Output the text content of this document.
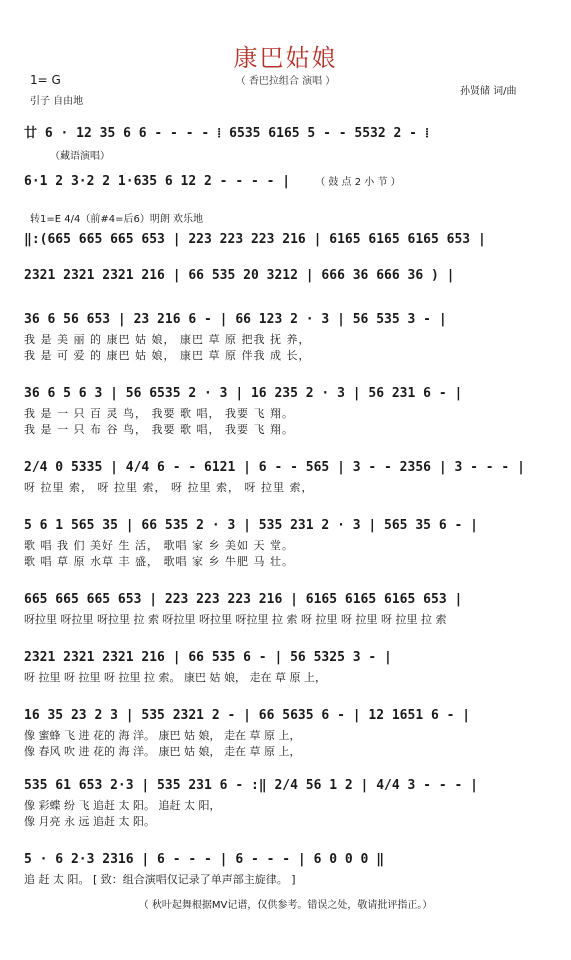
康巴姑娘
（ 香巴拉组合 演唱 ）
1= G
引子 自由地
孙贤储 词/曲
廿 6 · 12 35 6 6 - - - - ⁞ 6535 6165 5 - - 5532 2 - ⁞
（藏语演唱）
6·1 2 3·2 2 1·635 6 12 2 - - - - |	（ 鼓 点 2 小 节 ）
转1=E 4/4（前#4=后6）明朗 欢乐地
‖:(665 665 665 653 | 223 223 223 216 | 6165 6165 6165 653 |
2321 2321 2321 216 | 66 535 20 3212 | 666 36 666 36 ) |
36 6 56 653 | 23 216 6 - | 66 123 2 · 3 | 56 535 3 - |
我 是 美 丽 的 康巴 姑 娘， 康巴 草 原 把我 抚 养，
我 是 可 爱 的 康巴 姑 娘， 康巴 草 原 伴我 成 长，
36 6 5 6 3 | 56 6535 2 · 3 | 16 235 2 · 3 | 56 231 6 - |
我 是 一 只 百 灵 鸟， 我要 歌 唱， 我要 飞 翔。
我 是 一 只 布 谷 鸟， 我要 歌 唱， 我要 飞 翔。
2/4 0 5335 | 4/4 6 - - 6121 | 6 - - 565 | 3 - - 2356 | 3 - - - |
呀 拉里 索， 呀 拉里 索， 呀 拉里 索， 呀 拉里 索，
5 6 1 565 35 | 66 535 2 · 3 | 535 231 2 · 3 | 565 35 6 - |
歌 唱 我 们 美好 生 活， 歌唱 家 乡 美如 天 堂。
歌 唱 草 原 水草 丰 盛， 歌唱 家 乡 牛肥 马 壮。
665 665 665 653 | 223 223 223 216 | 6165 6165 6165 653 |
呀拉里 呀拉里 呀拉里 拉 索 呀拉里 呀拉里 呀拉里 拉 索 呀 拉里 呀 拉里 呀 拉里 拉 索
2321 2321 2321 216 | 66 535 6 - | 56 5325 3 - |
呀 拉里 呀 拉里 呀 拉里 拉 索。 康巴 姑 娘， 走在 草 原 上，
16 35 23 2 3 | 535 2321 2 - | 66 5635 6 - | 12 1651 6 - |
像 蜜蜂 飞 进 花的 海 洋。 康巴 姑 娘， 走在 草 原 上，
像 春风 吹 进 花的 海 洋。 康巴 姑 娘， 走在 草 原 上，
535 61 653 2·3 | 535 231 6 - :‖ 2/4 56 1 2 | 4/4 3 - - - |
像 彩蝶 纷 飞 追赶 太 阳。 追赶 太 阳，
像 月亮 永 远 追赶 太 阳。
5 · 6 2·3 2316 | 6 - - - | 6 - - - | 6 0 0 0 ‖
追 赶 太 阳。 [ 致：组合演唱仅记录了单声部主旋律。 ]
（ 秋叶起舞根据MV记谱，仅供参考。错误之处，敬请批评指正。）
